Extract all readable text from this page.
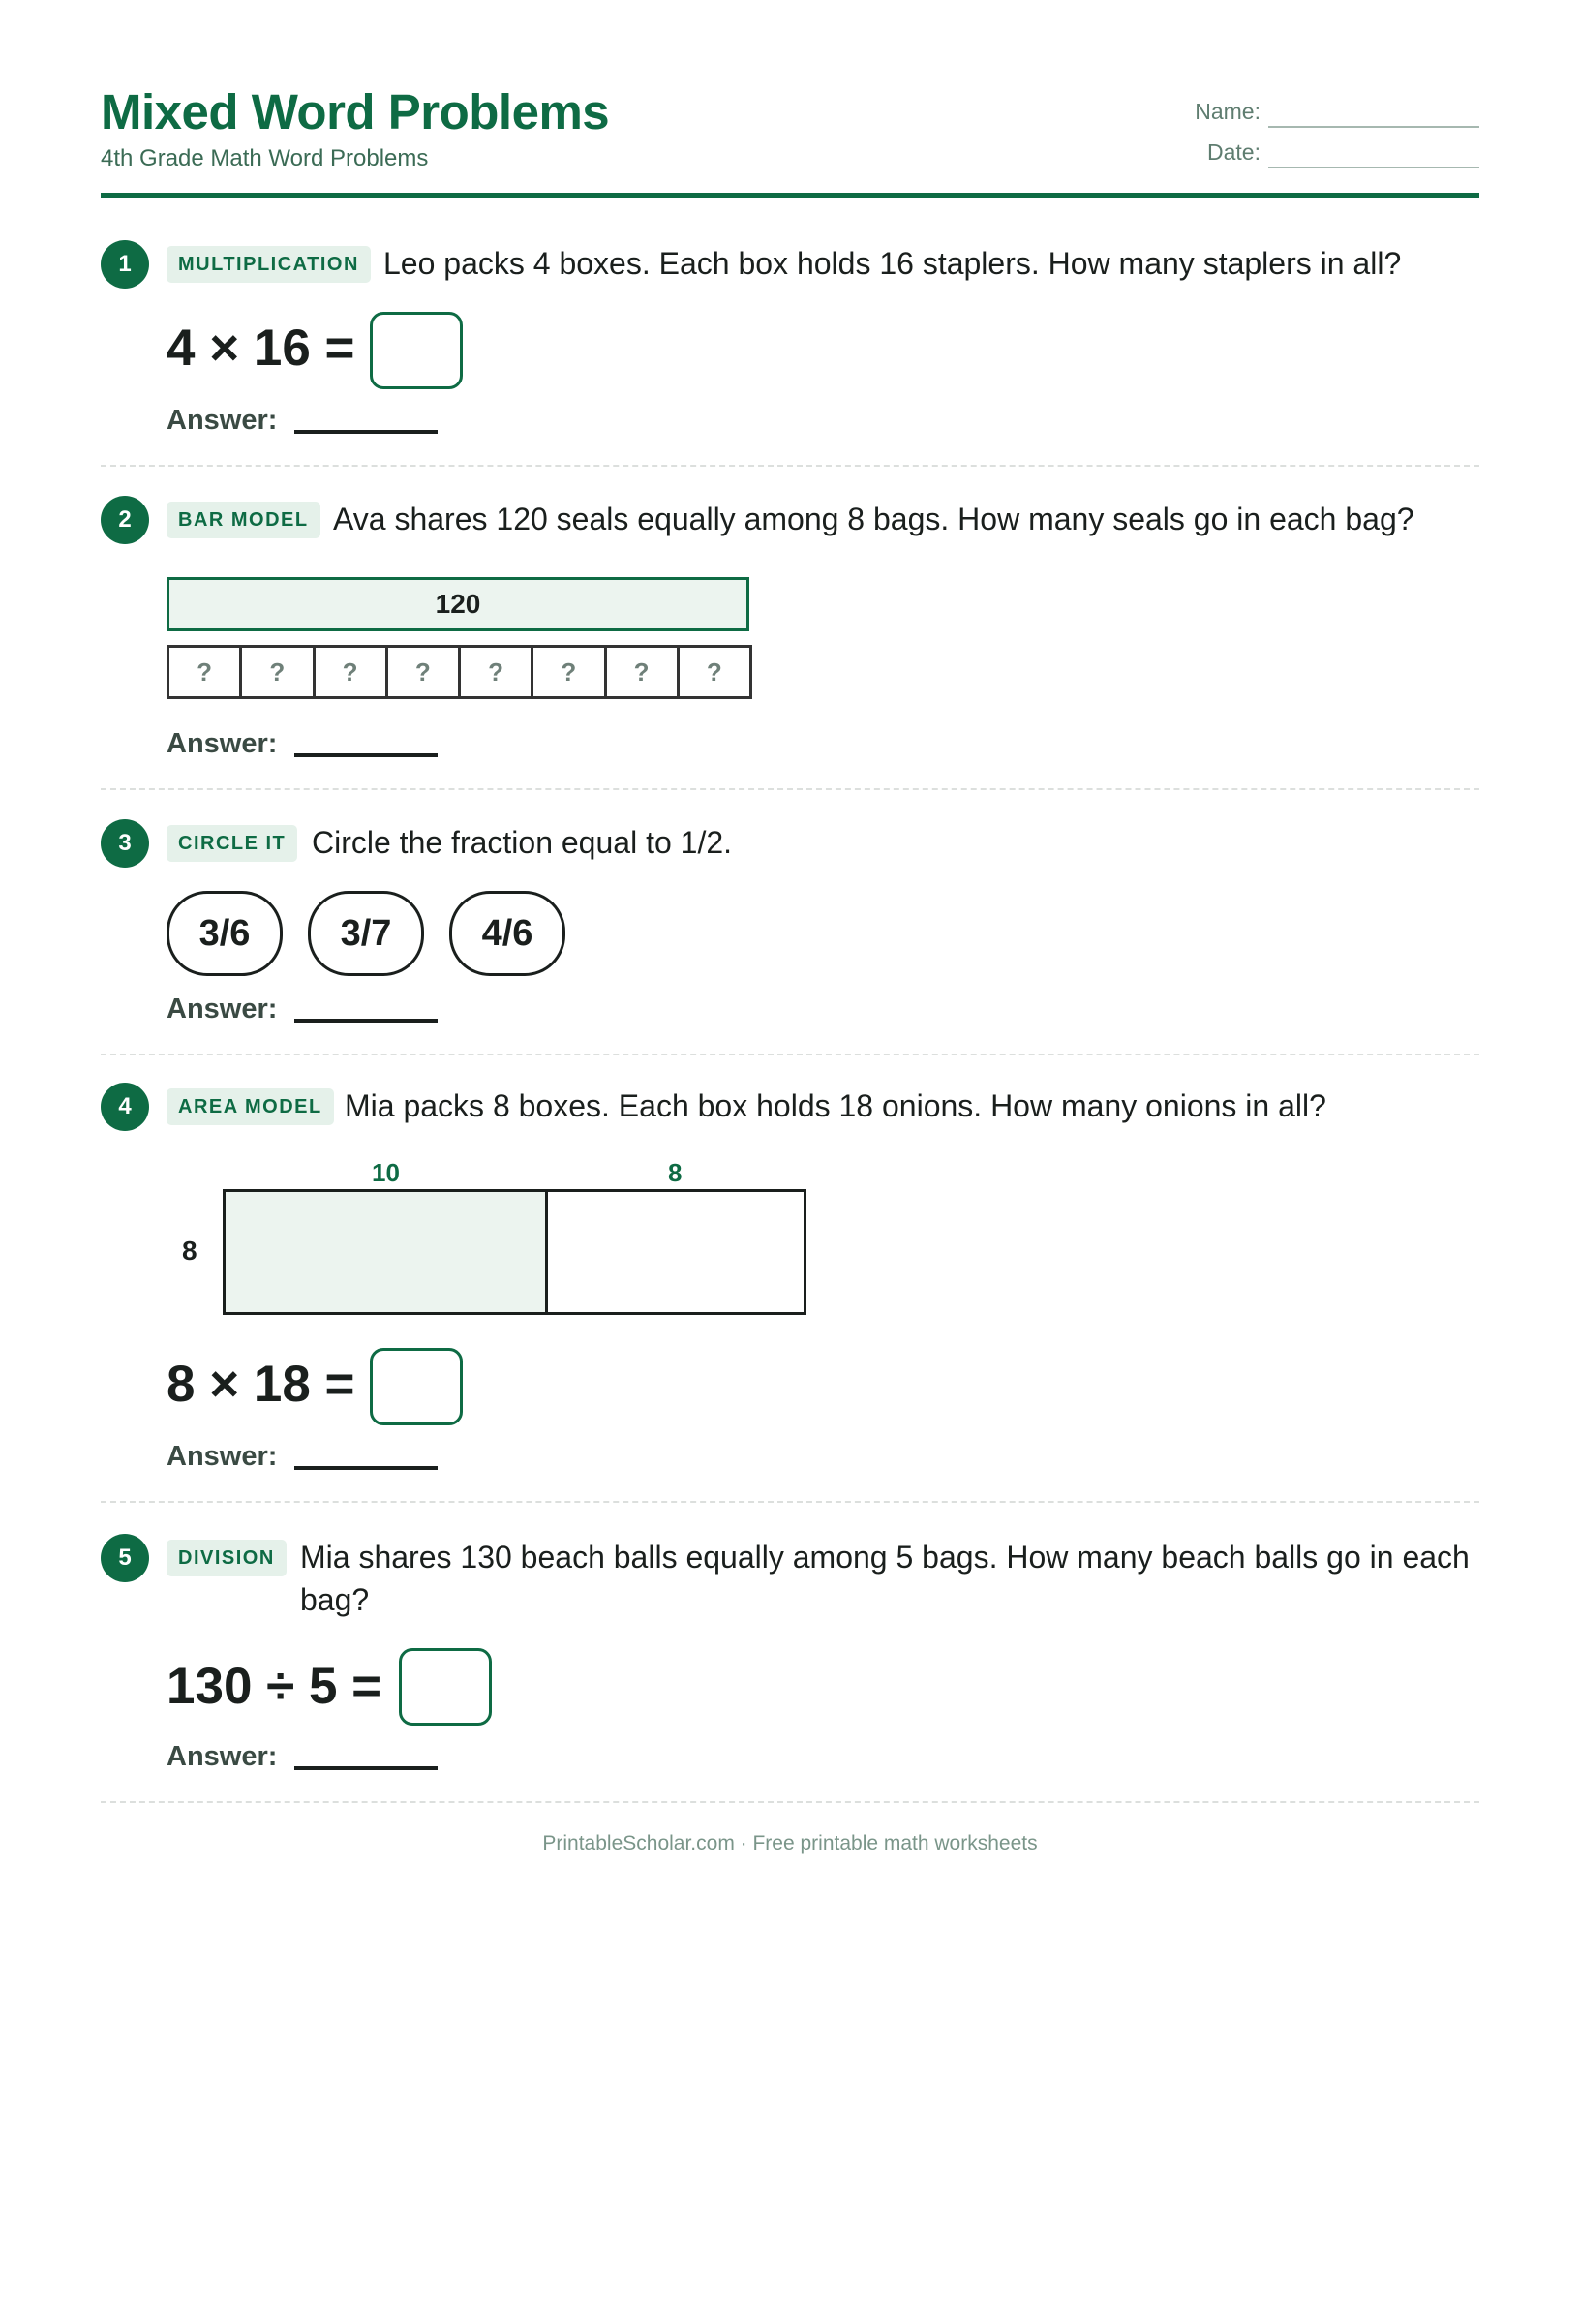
Mixed Word Problems
4th Grade Math Word Problems
Name:
Date:
1	MULTIPLICATION Leo packs 4 boxes. Each box holds 16 staplers. How many staplers in all?
4 × 16 =
Answer:
2	BAR MODEL Ava shares 120 seals equally among 8 bags. How many seals go in each bag?
120
?	?	?	?	?	?	?	?
Answer:
3	CIRCLE IT Circle the fraction equal to 1/2.
3/6	3/7	4/6
Answer:
4	AREA MODEL Mia packs 8 boxes. Each box holds 18 onions. How many onions in all?
10	8
8
8 × 18 =
Answer:
5	DIVISION Mia shares 130 beach balls equally among 5 bags. How many beach balls go in each bag?
130 ÷ 5 =
Answer:
PrintableScholar.com · Free printable math worksheets
